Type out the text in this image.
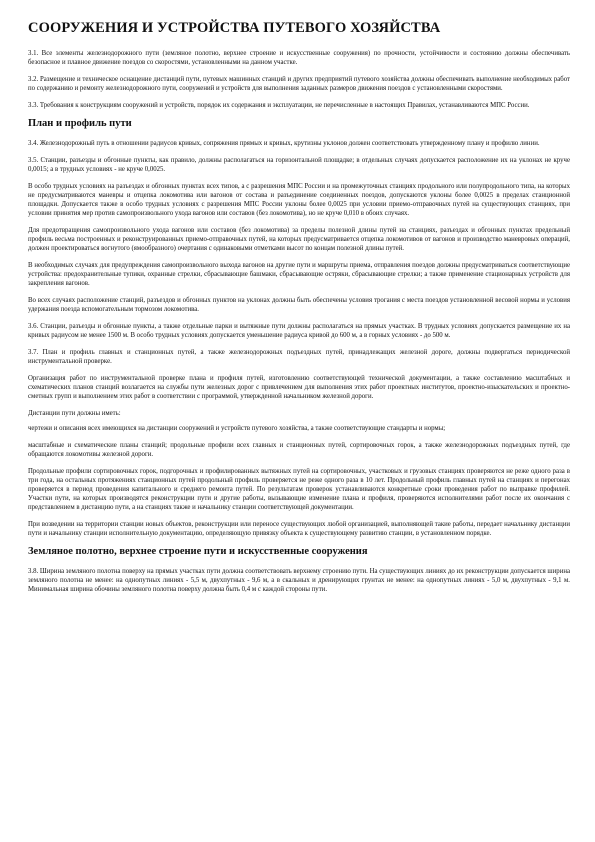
СООРУЖЕНИЯ И УСТРОЙСТВА ПУТЕВОГО ХОЗЯЙСТВА

3.1. Все элементы железнодорожного пути (земляное полотно, верхнее строение и искусственные сооружения) по прочности, устойчивости и состоянию должны обеспечивать безопасное и плавное движение поездов со скоростями, установленными на данном участке.

3.2. Размещение и техническое оснащение дистанций пути, путевых машинных станций и других предприятий путевого хозяйства должны обеспечивать выполнение необходимых работ по содержанию и ремонту железнодорожного пути, сооружений и устройств для выполнения заданных размеров движения поездов с установленными скоростями.

3.3. Требования к конструкциям сооружений и устройств, порядок их содержания и эксплуатации, не перечисленные в настоящих Правилах, устанавливаются МПС России.

План и профиль пути

3.4. Железнодорожный путь в отношении радиусов кривых, сопряжения прямых и кривых, крутизны уклонов должен соответствовать утвержденному плану и профилю линии.

3.5. Станции, разъезды и обгонные пункты, как правило, должны располагаться на горизонтальной площадке; в отдельных случаях допускается расположение их на уклонах не круче 0,0015; а в трудных условиях - не круче 0,0025.

В особо трудных условиях на разъездах и обгонных пунктах всех типов, а с разрешения МПС России и на промежуточных станциях продольного или полупродольного типа, на которых не предусматриваются маневры и отцепка локомотива или вагонов от состава и разъединение соединенных поездов, допускаются уклоны более 0,0025 в пределах станционной площадки. Допускается также в особо трудных условиях с разрешения МПС России уклоны более 0,0025 при условии приемо-отправочных путей на существующих станциях, при условии принятия мер против самопроизвольного ухода вагонов или составов (без локомотива), но не круче 0,010 в обоих случаях.

Для предотвращения самопроизвольного ухода вагонов или составов (без локомотива) за пределы полезной длины путей на станциях, разъездах и обгонных пунктах предельный профиль весьма построенных и реконструированных приемо-отправочных путей, на которых предусматривается отцепка локомотивов от вагонов и производство маневровых операций, должен проектироваться вогнутого (ямообразного) очертания с одинаковыми отметками высот по концам полезной длины путей.

В необходимых случаях для предупреждения самопроизвольного выхода вагонов на другие пути и маршруты приема, отправления поездов должны предусматриваться соответствующие устройства: предохранительные тупики, охранные стрелки, сбрасывающие башмаки, сбрасывающие остряки, сбрасывающие стрелки; а также применение стационарных устройств для закрепления вагонов.

Во всех случаях расположение станций, разъездов и обгонных пунктов на уклонах должны быть обеспечены условия трогания с места поездов установленной весовой нормы и условия удержания поезда вспомогательным тормозом локомотива.

3.6. Станции, разъезды и обгонные пункты, а также отдельные парки и вытяжные пути должны располагаться на прямых участках. В трудных условиях допускается размещение их на кривых радиусом не менее 1500 м. В особо трудных условиях допускается уменьшение радиуса кривой до 600 м, а в горных условиях - до 500 м.

3.7. План и профиль главных и станционных путей, а также железнодорожных подъездных путей, принадлежащих железной дороге, должны подвергаться периодической инструментальной проверке.

Организация работ по инструментальной проверке плана и профиля путей, изготовлению соответствующей технической документации, а также составлению масштабных и схематических планов станций возлагается на службы пути железных дорог с привлечением для выполнения этих работ проектных институтов, проектно-изыскательских и проектно-сметных групп и выполнением этих работ в соответствии с программой, утвержденной начальником железной дороги.

Дистанции пути должны иметь:

чертежи и описания всех имеющихся на дистанции сооружений и устройств путевого хозяйства, а также соответствующие стандарты и нормы;

масштабные и схематические планы станций; продольные профили всех главных и станционных путей, сортировочных горок, а также железнодорожных подъездных путей, где обращаются локомотивы железной дороги.

Продольные профили сортировочных горок, подгорочных и профилированных вытяжных путей на сортировочных, участковых и грузовых станциях проверяются не реже одного раза в три года, на остальных протяжениях станционных путей продольный профиль проверяется не реже одного раза в 10 лет. Продольный профиль главных путей на станциях и перегонах проверяется в период проведения капитального и среднего ремонта путей. По результатам проверок устанавливаются конкретные сроки проведения работ по выправке профилей. Участки пути, на которых производятся реконструкции пути и другие работы, вызывающие изменение плана и профиля, проверяются исполнителями работ после их окончания с представлением в дистанцию пути, а на станциях также и начальнику станции соответствующей документации.

При возведении на территории станции новых объектов, реконструкции или переносе существующих любой организацией, выполняющей такие работы, передает начальнику дистанции пути и начальнику станции исполнительную документацию, определяющую привязку объекта к существующему развитию станции, в установленном порядке.

Земляное полотно, верхнее строение пути и искусственные сооружения

3.8. Ширина земляного полотна поверху на прямых участках пути должна соответствовать верхнему строению пути. На существующих линиях до их реконструкции допускается ширина земляного полотна не менее: на однопутных линиях - 5,5 м, двухпутных - 9,6 м, а в скальных и дренирующих грунтах не менее: на однопутных линиях - 5,0 м, двухпутных - 9,1 м. Минимальная ширина обочины земляного полотна поверху должна быть 0,4 м с каждой стороны пути.
